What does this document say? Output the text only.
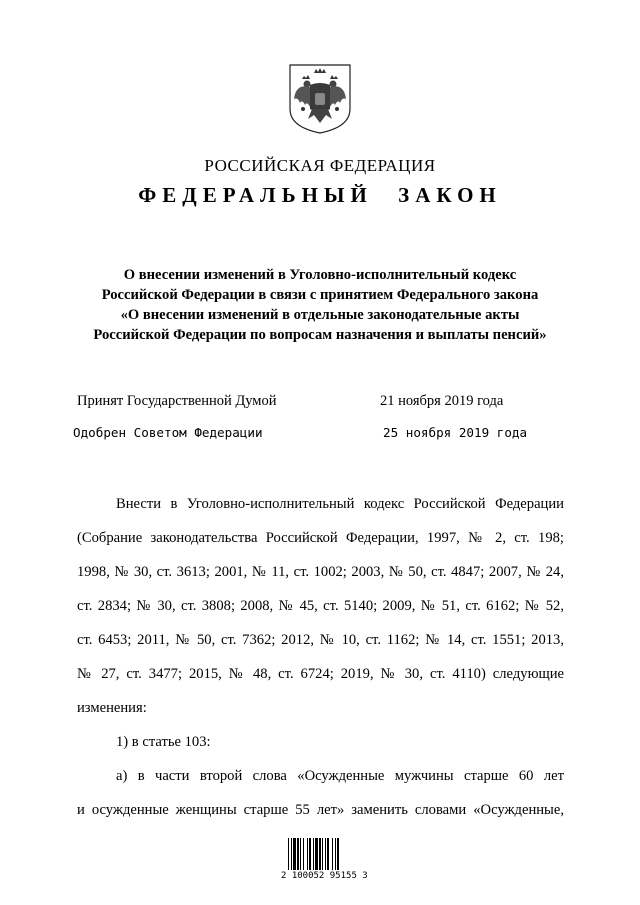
РОССИЙСКАЯ ФЕДЕРАЦИЯ
ФЕДЕРАЛЬНЫЙ ЗАКОН
О внесении изменений в Уголовно-исполнительный кодекс
Российской Федерации в связи с принятием Федерального закона
«О внесении изменений в отдельные законодательные акты
Российской Федерации по вопросам назначения и выплаты пенсий»
Принят Государственной Думой	21 ноября 2019 года
Одобрен Советом Федерации	25 ноября 2019 года
Внести в Уголовно-исполнительный кодекс Российской Федерации
(Собрание законодательства Российской Федерации, 1997, № 2, ст. 198;
1998, № 30, ст. 3613; 2001, № 11, ст. 1002; 2003, № 50, ст. 4847; 2007, № 24,
ст. 2834; № 30, ст. 3808; 2008, № 45, ст. 5140; 2009, № 51, ст. 6162; № 52,
ст. 6453; 2011, № 50, ст. 7362; 2012, № 10, ст. 1162; № 14, ст. 1551; 2013,
№ 27, ст. 3477; 2015, № 48, ст. 6724; 2019, № 30, ст. 4110) следующие
изменения:
1) в статье 103:
а) в части второй слова «Осужденные мужчины старше 60 лет
и осужденные женщины старше 55 лет» заменить словами «Осужденные,
2 100052 95155 3
